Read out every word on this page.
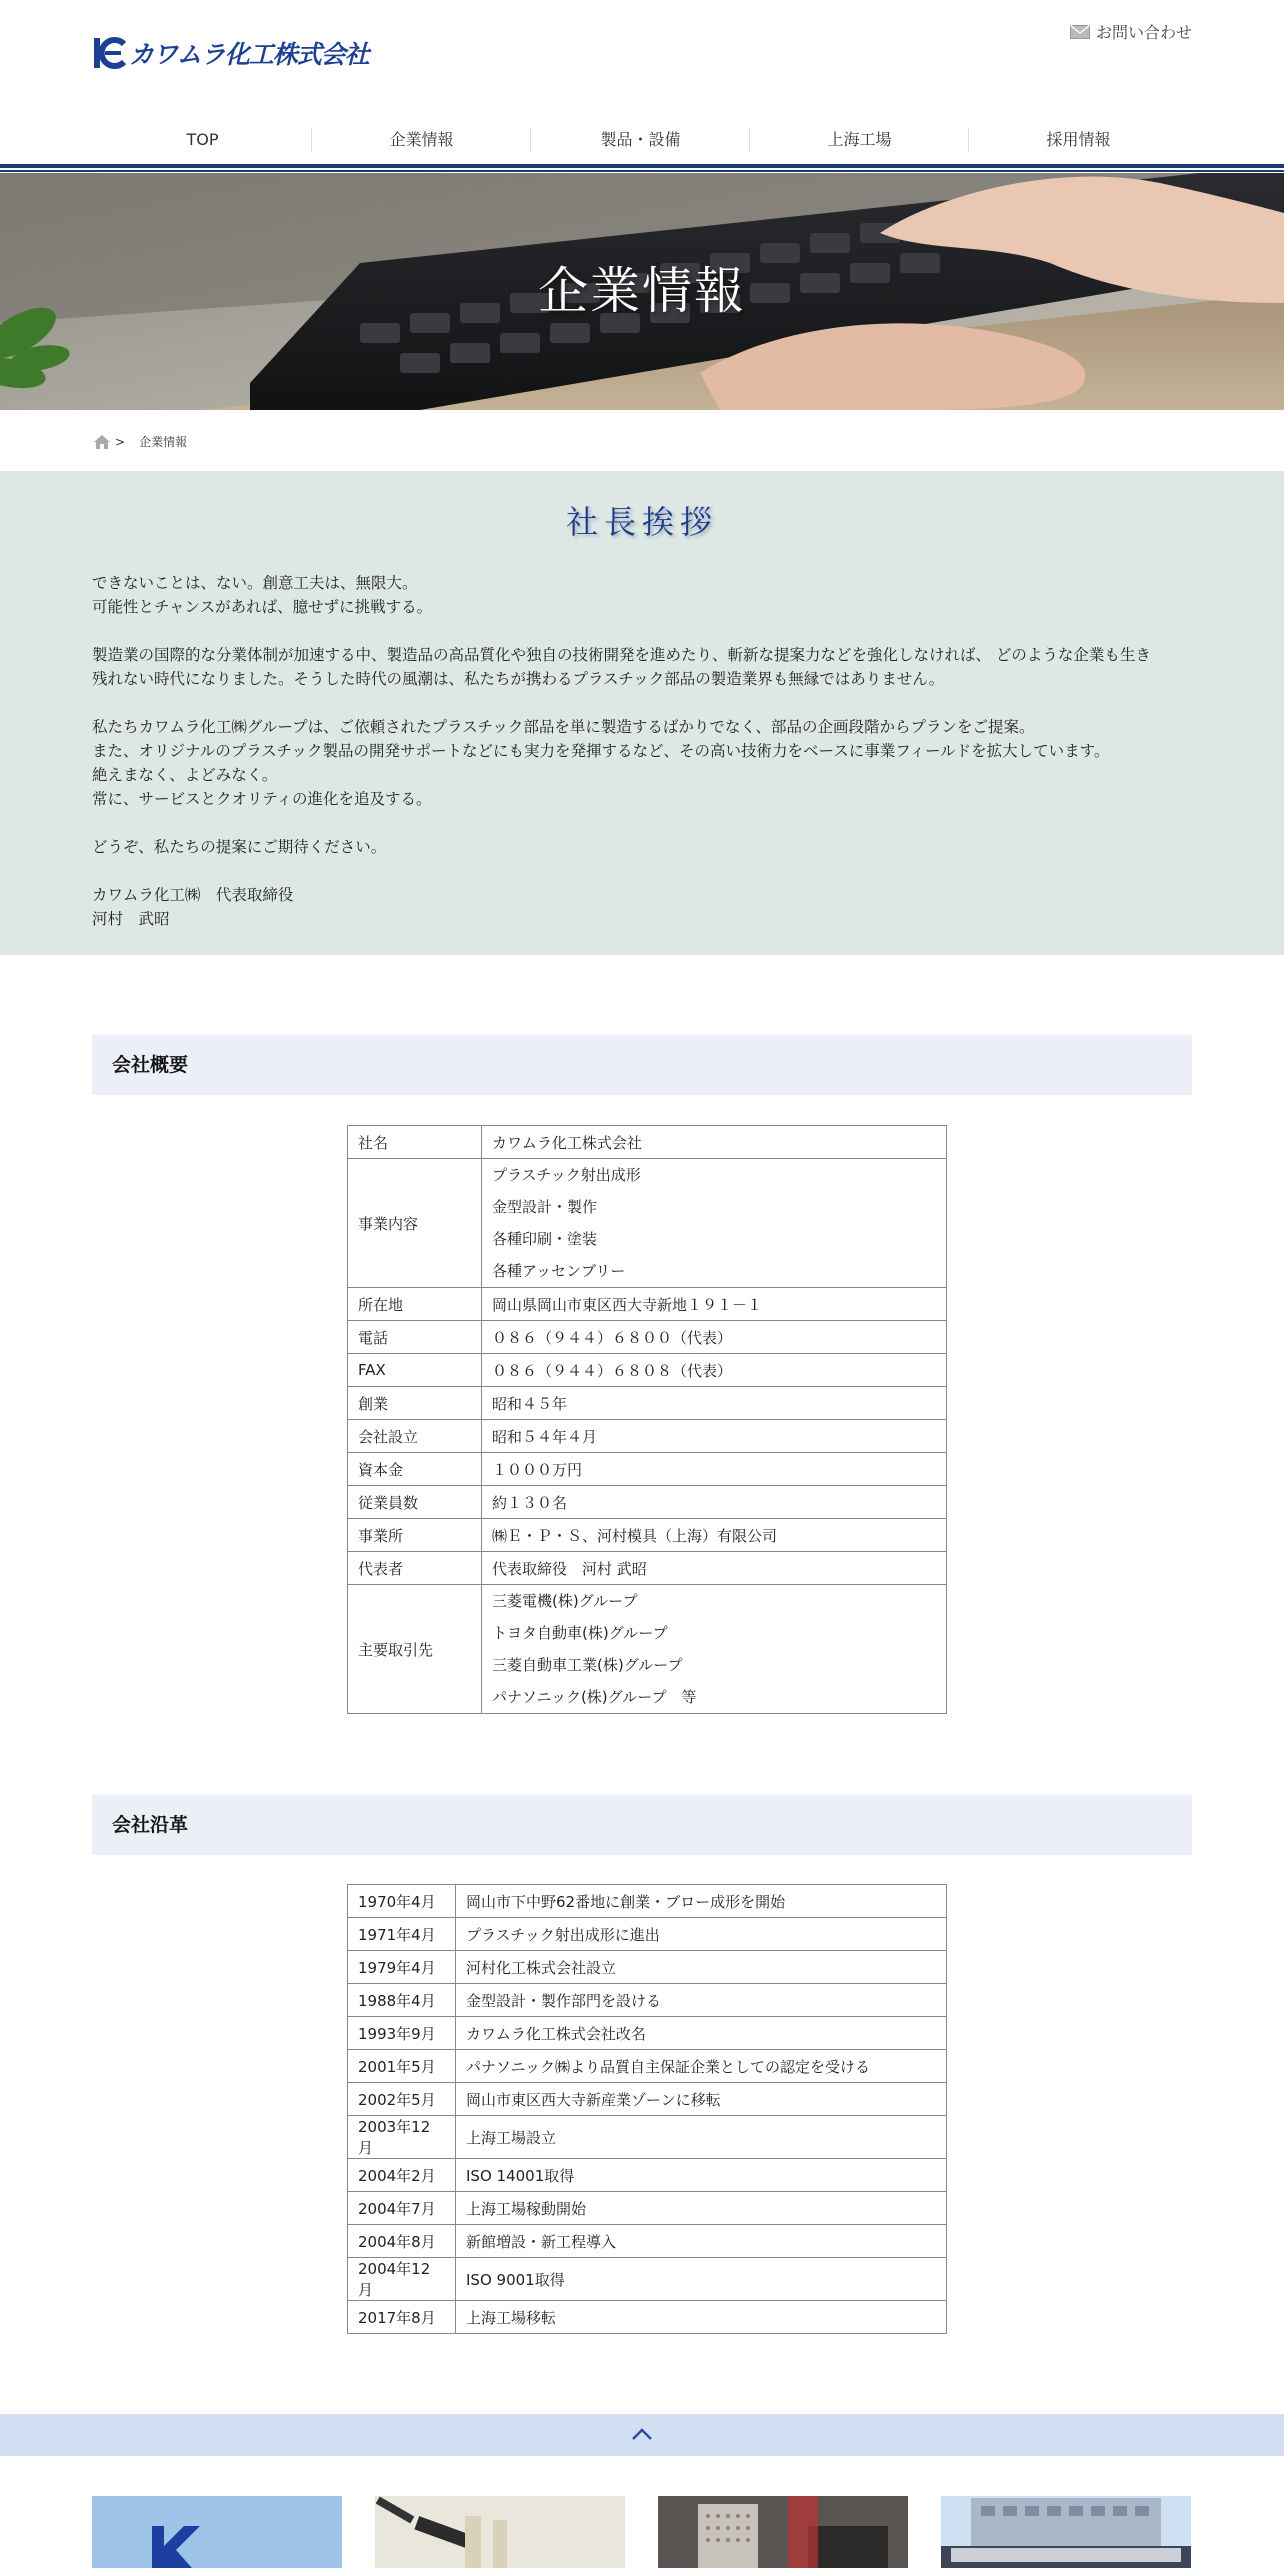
カワムラ化工株式会社
お問い合わせ
TOP	企業情報	製品・設備	上海工場	採用情報
企業情報
> 企業情報
社長挨拶

できないことは、ない。創意工夫は、無限大。

可能性とチャンスがあれば、臆せずに挑戦する。

製造業の国際的な分業体制が加速する中、製造品の高品質化や独自の技術開発を進めたり、斬新な提案力などを強化しなければ、 どのような企業も生き

残れない時代になりました。そうした時代の風潮は、私たちが携わるプラスチック部品の製造業界も無縁ではありません。

私たちカワムラ化工㈱グループは、ご依頼されたプラスチック部品を単に製造するばかりでなく、部品の企画段階からプランをご提案。

また、オリジナルのプラスチック製品の開発サポートなどにも実力を発揮するなど、その高い技術力をベースに事業フィールドを拡大しています。

絶えまなく、よどみなく。

常に、サービスとクオリティの進化を追及する。

どうぞ、私たちの提案にご期待ください。

カワムラ化工㈱　代表取締役

河村　武昭

会社概要
社名	カワムラ化工株式会社
事業内容	プラスチック射出成形
金型設計・製作
各種印刷・塗装
各種アッセンブリー

所在地	岡山県岡山市東区西大寺新地１９１－１
電話	０８６（９４４）６８００（代表）
FAX	０８６（９４４）６８０８（代表）
創業	昭和４５年
会社設立	昭和５４年４月
資本金	１０００万円
従業員数	約１３０名
事業所	㈱Ｅ・Ｐ・Ｓ、河村模具（上海）有限公司
代表者	代表取締役　河村 武昭
主要取引先	三菱電機(株)グループ
トヨタ自動車(株)グループ
三菱自動車工業(株)グループ
パナソニック(株)グループ　等
会社沿革
1970年4月	岡山市下中野62番地に創業・ブロー成形を開始
1971年4月	プラスチック射出成形に進出
1979年4月	河村化工株式会社設立
1988年4月	金型設計・製作部門を設ける
1993年9月	カワムラ化工株式会社改名
2001年5月	パナソニック㈱より品質自主保証企業としての認定を受ける
2002年5月	岡山市東区西大寺新産業ゾーンに移転
2003年12月	上海工場設立
2004年2月	ISO 14001取得
2004年7月	上海工場稼動開始
2004年8月	新館増設・新工程導入
2004年12月	ISO 9001取得
2017年8月	上海工場移転
